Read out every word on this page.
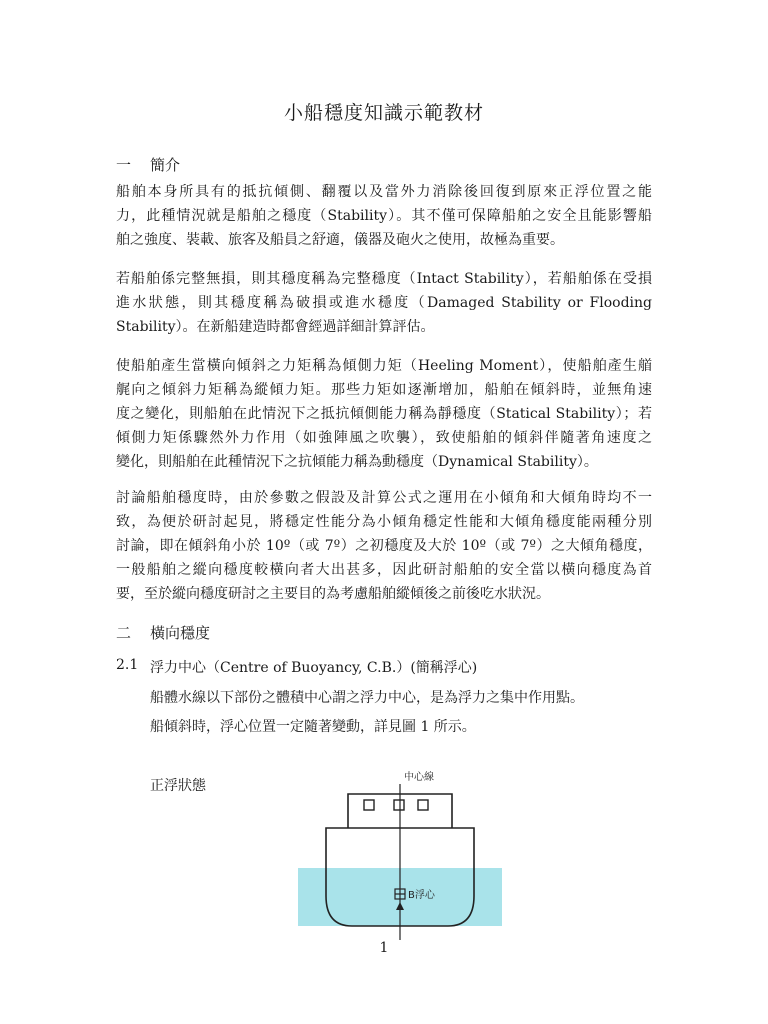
小船穩度知識示範教材
一 簡介
船舶本身所具有的抵抗傾側、翻覆以及當外力消除後回復到原來正浮位置之能
力，此種情況就是船舶之穩度（Stability）。其不僅可保障船舶之安全且能影響船
舶之強度、裝載、旅客及船員之舒適，儀器及砲火之使用，故極為重要。
若船舶係完整無損，則其穩度稱為完整穩度（Intact Stability），若船舶係在受損
進水狀態，則其穩度稱為破損或進水穩度（Damaged Stability or Flooding
Stability）。在新船建造時都會經過詳細計算評估。
使船舶產生當橫向傾斜之力矩稱為傾側力矩（Heeling Moment），使船舶產生艏
艉向之傾斜力矩稱為縱傾力矩。那些力矩如逐漸增加，船舶在傾斜時，並無角速
度之變化，則船舶在此情況下之抵抗傾側能力稱為靜穩度（Statical Stability）；若
傾側力矩係驟然外力作用（如強陣風之吹襲），致使船舶的傾斜伴隨著角速度之
變化，則船舶在此種情況下之抗傾能力稱為動穩度（Dynamical Stability）。
討論船舶穩度時，由於參數之假設及計算公式之運用在小傾角和大傾角時均不一
致，為便於研討起見，將穩定性能分為小傾角穩定性能和大傾角穩度能兩種分別
討論，即在傾斜角小於 10º（或 7º）之初穩度及大於 10º（或 7º）之大傾角穩度，
一般船舶之縱向穩度較橫向者大出甚多，因此研討船舶的安全當以橫向穩度為首
要，至於縱向穩度研討之主要目的為考慮船舶縱傾後之前後吃水狀況。
二 橫向穩度
2.1 浮力中心（Centre of Buoyancy, C.B.）(簡稱浮心)
船體水線以下部份之體積中心謂之浮力中心，是為浮力之集中作用點。
船傾斜時，浮心位置一定隨著變動，詳見圖 1 所示。
正浮狀態
中心線
B浮心
1
